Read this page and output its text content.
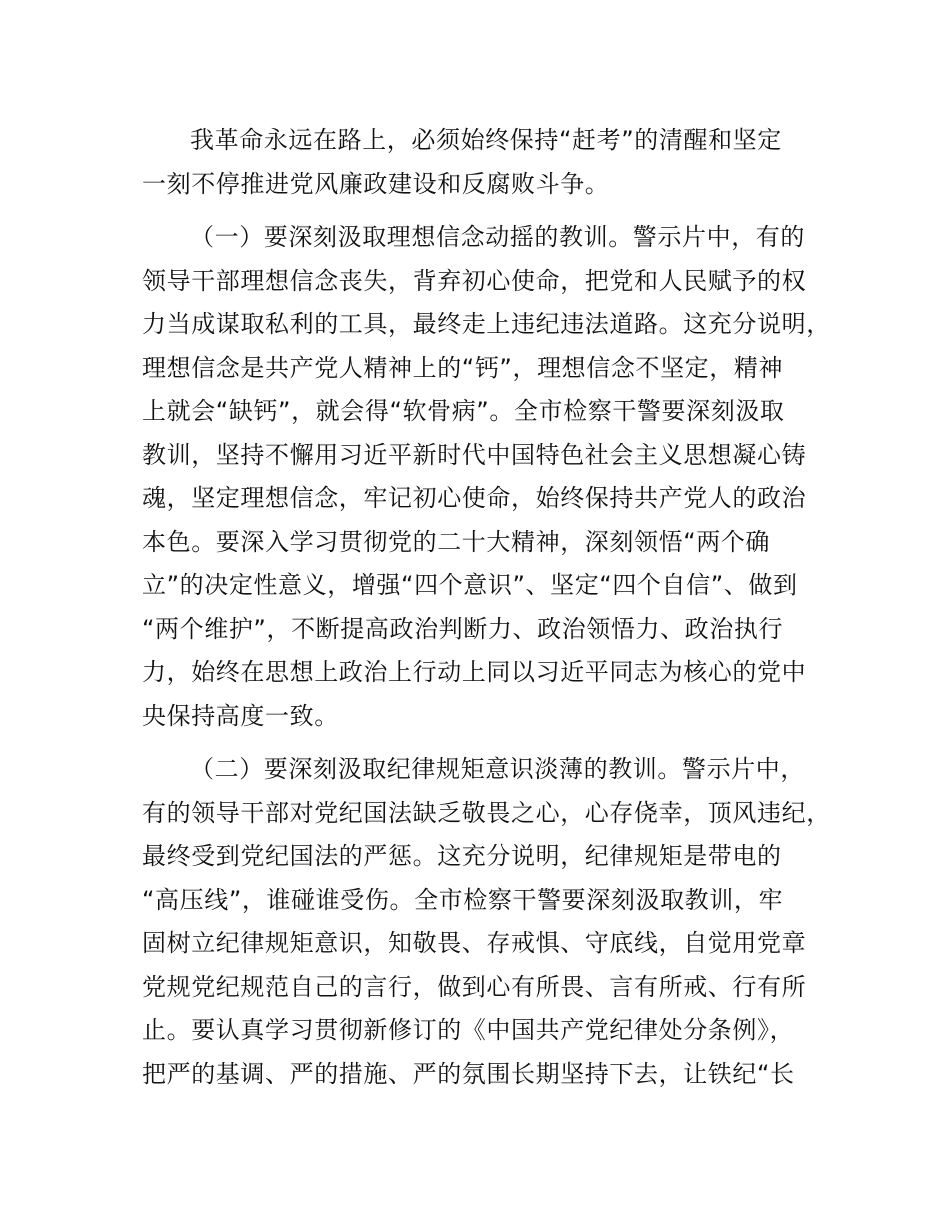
我革命永远在路上，必须始终保持“赶考”的清醒和坚定
一刻不停推进党风廉政建设和反腐败斗争。
（一）要深刻汲取理想信念动摇的教训。警示片中，有的
领导干部理想信念丧失，背弃初心使命，把党和人民赋予的权
力当成谋取私利的工具，最终走上违纪违法道路。这充分说明，
理想信念是共产党人精神上的“钙”，理想信念不坚定，精神
上就会“缺钙”，就会得“软骨病”。全市检察干警要深刻汲取
教训，坚持不懈用习近平新时代中国特色社会主义思想凝心铸
魂，坚定理想信念，牢记初心使命，始终保持共产党人的政治
本色。要深入学习贯彻党的二十大精神，深刻领悟“两个确
立”的决定性意义，增强“四个意识”、坚定“四个自信”、做到
“两个维护”，不断提高政治判断力、政治领悟力、政治执行
力，始终在思想上政治上行动上同以习近平同志为核心的党中
央保持高度一致。
（二）要深刻汲取纪律规矩意识淡薄的教训。警示片中，
有的领导干部对党纪国法缺乏敬畏之心，心存侥幸，顶风违纪，
最终受到党纪国法的严惩。这充分说明，纪律规矩是带电的
“高压线”，谁碰谁受伤。全市检察干警要深刻汲取教训，牢
固树立纪律规矩意识，知敬畏、存戒惧、守底线，自觉用党章
党规党纪规范自己的言行，做到心有所畏、言有所戒、行有所
止。要认真学习贯彻新修订的《中国共产党纪律处分条例》，
把严的基调、严的措施、严的氛围长期坚持下去，让铁纪“长
